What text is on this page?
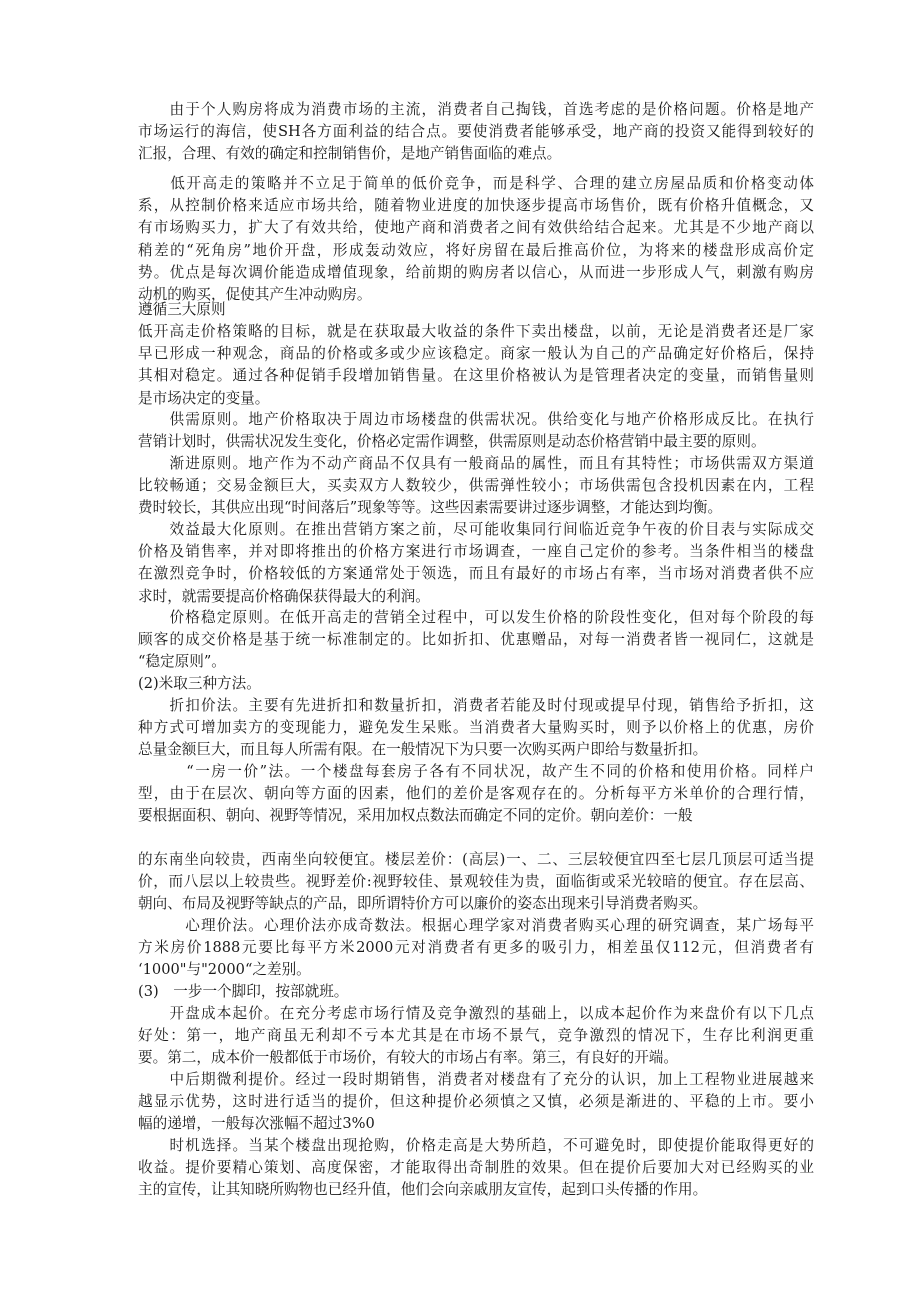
　　由于个人购房将成为消费市场的主流，消费者自己掏钱，首选考虑的是价格问题。价格是地产
市场运行的海信，使SH各方面利益的结合点。要使消费者能够承受，地产商的投资又能得到较好的
汇报，合理、有效的确定和控制销售价，是地产销售面临的难点。
　　低开高走的策略并不立足于简单的低价竞争，而是科学、合理的建立房屋品质和价格变动体
系，从控制价格来适应市场共给，随着物业进度的加快逐步提高市场售价，既有价格升值概念，又
有市场购买力，扩大了有效共给，使地产商和消费者之间有效供给结合起来。尤其是不少地产商以
稍差的“死角房”地价开盘，形成轰动效应，将好房留在最后推高价位，为将来的楼盘形成高价定
势。优点是每次调价能造成增值现象，给前期的购房者以信心，从而进一步形成人气，刺激有购房
动机的购买，促使其产生冲动购房。
遵循三大原则
低开高走价格策略的目标，就是在获取最大收益的条件下卖出楼盘，以前，无论是消费者还是厂家
早已形成一种观念，商品的价格或多或少应该稳定。商家一般认为自己的产品确定好价格后，保持
其相对稳定。通过各种促销手段增加销售量。在这里价格被认为是管理者决定的变量，而销售量则
是市场决定的变量。
　　供需原则。地产价格取决于周边市场楼盘的供需状况。供给变化与地产价格形成反比。在执行
营销计划时，供需状况发生变化，价格必定需作调整，供需原则是动态价格营销中最主要的原则。
　　渐进原则。地产作为不动产商品不仅具有一般商品的属性，而且有其特性；市场供需双方渠道
比较畅通；交易金额巨大，买卖双方人数较少，供需弹性较小；市场供需包含投机因素在内，工程
费时较长，其供应出现“时间落后”现象等等。这些因素需要讲过逐步调整，才能达到均衡。
　　效益最大化原则。在推出营销方案之前，尽可能收集同行间临近竞争午夜的价目表与实际成交
价格及销售率，并对即将推出的价格方案进行市场调查，一座自己定价的参考。当条件相当的楼盘
在激烈竞争时，价格较低的方案通常处于领选，而且有最好的市场占有率，当市场对消费者供不应
求时，就需要提高价格确保获得最大的利润。
　　价格稳定原则。在低开高走的营销全过程中，可以发生价格的阶段性变化，但对每个阶段的每
顾客的成交价格是基于统一标准制定的。比如折扣、优惠赠品，对每一消费者皆一视同仁，这就是
“稳定原则”。
(2)米取三种方法。
　　折扣价法。主要有先进折扣和数量折扣，消费者若能及时付现或提早付现，销售给予折扣，这
种方式可增加卖方的变现能力，避免发生呆账。当消费者大量购买时，则予以价格上的优惠，房价
总量金额巨大，而且每人所需有限。在一般情况下为只要一次购买两户即给与数量折扣。
　　　“一房一价”法。一个楼盘每套房子各有不同状况，故产生不同的价格和使用价格。同样户
型，由于在层次、朝向等方面的因素，他们的差价是客观存在的。分析每平方米单价的合理行情，
要根据面积、朝向、视野等情况，采用加权点数法而确定不同的定价。朝向差价：一般
的东南坐向较贵，西南坐向较便宜。楼层差价：(高层)一、二、三层较便宜四至七层几顶层可适当提
价，而八层以上较贵些。视野差价:视野较佳、景观较佳为贵，面临街或采光较暗的便宜。存在层高、
朝向、布局及视野等缺点的产品，即所谓特价方可以廉价的姿态出现来引导消费者购买。
　　　心理价法。心理价法亦成奇数法。根据心理学家对消费者购买心理的研究调查，某广场每平
方米房价1888元要比每平方米2000元对消费者有更多的吸引力，相差虽仅112元，但消费者有
‘1000"与"2000“之差别。
(3)　一步一个脚印，按部就班。
　　开盘成本起价。在充分考虑市场行情及竞争激烈的基础上，以成本起价作为来盘价有以下几点
好处：第一，地产商虽无利却不亏本尤其是在市场不景气，竞争激烈的情况下，生存比利润更重
要。第二，成本价一般都低于市场价，有较大的市场占有率。第三，有良好的开端。
　　中后期微利提价。经过一段时期销售，消费者对楼盘有了充分的认识，加上工程物业进展越来
越显示优势，这时进行适当的提价，但这种提价必须慎之又慎，必须是渐进的、平稳的上市。要小
幅的递增，一般每次涨幅不超过3%0
　　时机选择。当某个楼盘出现抢购，价格走高是大势所趋，不可避免时，即使提价能取得更好的
收益。提价要精心策划、高度保密，才能取得出奇制胜的效果。但在提价后要加大对已经购买的业
主的宣传，让其知晓所购物也已经升值，他们会向亲戚朋友宣传，起到口头传播的作用。
